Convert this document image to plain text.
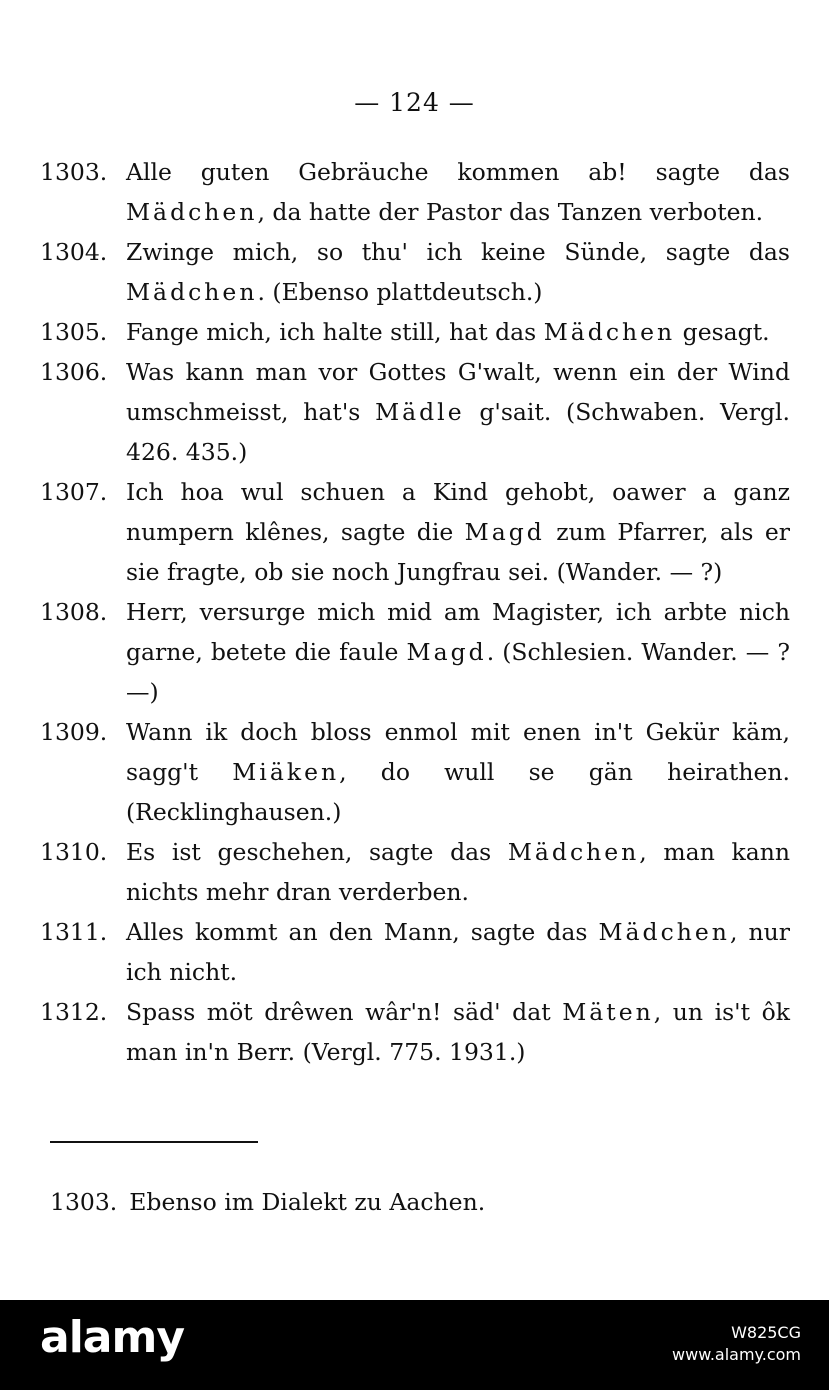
— 124 —
1303. Alle guten Gebräuche kommen ab! sagte das Mädchen, da hatte der Pastor das Tanzen verboten.
1304. Zwinge mich, so thu' ich keine Sünde, sagte das Mädchen. (Ebenso plattdeutsch.)
1305. Fange mich, ich halte still, hat das Mädchen gesagt.
1306. Was kann man vor Gottes G'walt, wenn ein der Wind umschmeisst, hat's Mädle g'sait. (Schwaben. Vergl. 426. 435.)
1307. Ich hoa wul schuen a Kind gehobt, oawer a ganz numpern klênes, sagte die Magd zum Pfarrer, als er sie fragte, ob sie noch Jungfrau sei. (Wander. — ?)
1308. Herr, versurge mich mid am Magister, ich arbte nich garne, betete die faule Magd. (Schlesien. Wander. — ? —)
1309. Wann ik doch bloss enmol mit enen in't Gekür käm, sagg't Miäken, do wull se gän heirathen. (Recklinghausen.)
1310. Es ist geschehen, sagte das Mädchen, man kann nichts mehr dran verderben.
1311. Alles kommt an den Mann, sagte das Mädchen, nur ich nicht.
1312. Spass möt drêwen wâr'n! säd' dat Mäten, un is't ôk man in'n Berr. (Vergl. 775. 1931.)
1303. Ebenso im Dialekt zu Aachen.
alamy	W825CG
www.alamy.com
